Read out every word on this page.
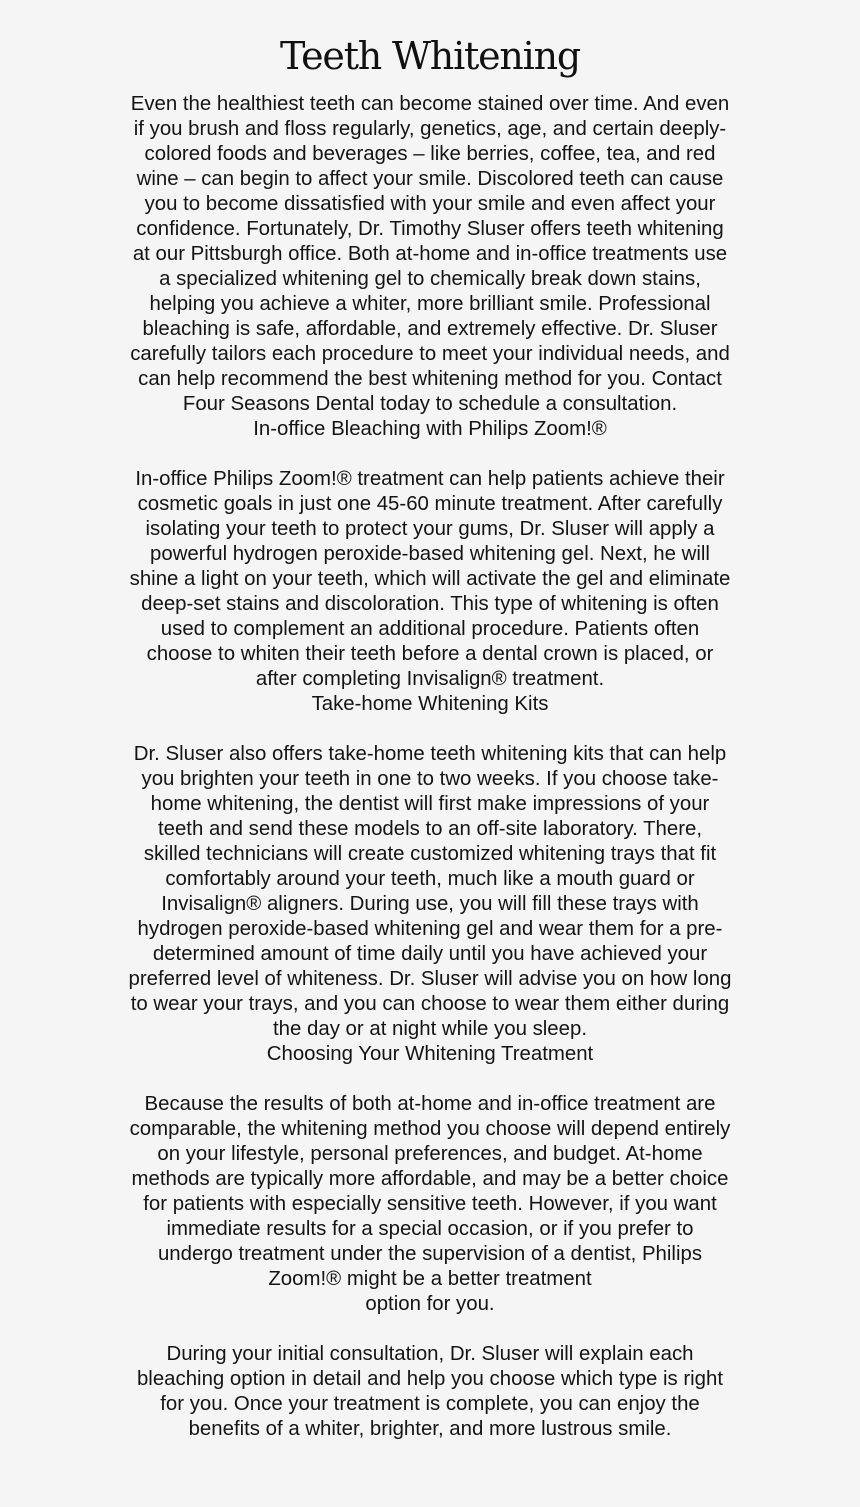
Teeth Whitening

Even the healthiest teeth can become stained over time. And even if you brush and floss regularly, genetics, age, and certain deeply-colored foods and beverages – like berries, coffee, tea, and red wine – can begin to affect your smile. Discolored teeth can cause you to become dissatisfied with your smile and even affect your confidence. Fortunately, Dr. Timothy Sluser offers teeth whitening at our Pittsburgh office. Both at-home and in-office treatments use a specialized whitening gel to chemically break down stains, helping you achieve a whiter, more brilliant smile. Professional bleaching is safe, affordable, and extremely effective. Dr. Sluser carefully tailors each procedure to meet your individual needs, and can help recommend the best whitening method for you. Contact Four Seasons Dental today to schedule a consultation.

In-office Bleaching with Philips Zoom!®

In-office Philips Zoom!® treatment can help patients achieve their cosmetic goals in just one 45-60 minute treatment. After carefully isolating your teeth to protect your gums, Dr. Sluser will apply a powerful hydrogen peroxide-based whitening gel. Next, he will shine a light on your teeth, which will activate the gel and eliminate deep-set stains and discoloration. This type of whitening is often used to complement an additional procedure. Patients often choose to whiten their teeth before a dental crown is placed, or after completing Invisalign® treatment.

Take-home Whitening Kits

Dr. Sluser also offers take-home teeth whitening kits that can help you brighten your teeth in one to two weeks. If you choose take-home whitening, the dentist will first make impressions of your teeth and send these models to an off-site laboratory. There, skilled technicians will create customized whitening trays that fit comfortably around your teeth, much like a mouth guard or Invisalign® aligners. During use, you will fill these trays with hydrogen peroxide-based whitening gel and wear them for a pre-determined amount of time daily until you have achieved your preferred level of whiteness. Dr. Sluser will advise you on how long to wear your trays, and you can choose to wear them either during the day or at night while you sleep.

Choosing Your Whitening Treatment

Because the results of both at-home and in-office treatment are comparable, the whitening method you choose will depend entirely on your lifestyle, personal preferences, and budget. At-home methods are typically more affordable, and may be a better choice for patients with especially sensitive teeth. However, if you want immediate results for a special occasion, or if you prefer to undergo treatment under the supervision of a dentist, Philips Zoom!® might be a better treatment

option for you.

During your initial consultation, Dr. Sluser will explain each bleaching option in detail and help you choose which type is right for you. Once your treatment is complete, you can enjoy the benefits of a whiter, brighter, and more lustrous smile.
